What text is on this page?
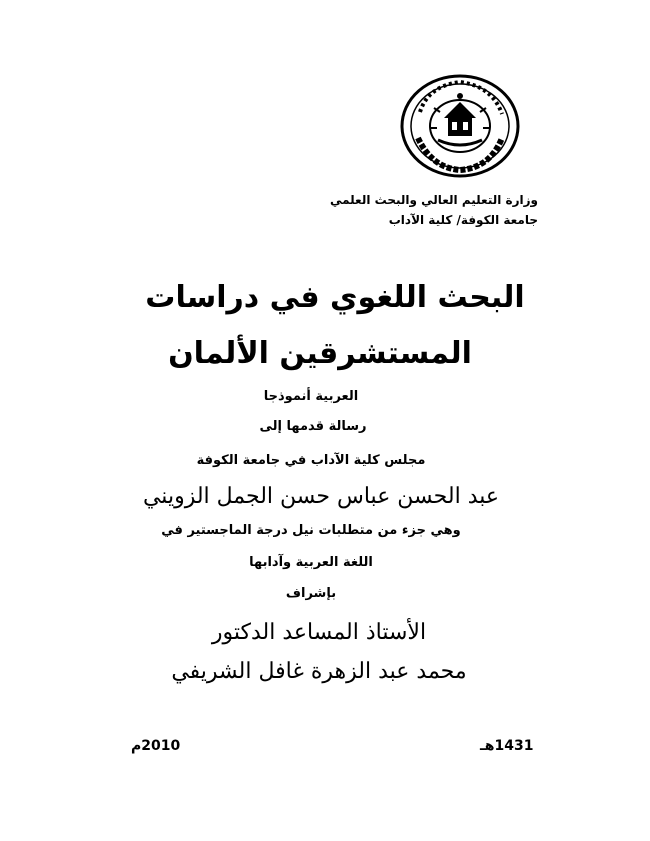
وزارة التعليم العالي والبحث العلمي
جامعة الكوفة/ كلية الآداب
البحث اللغوي في دراسات
المستشرقين الألمان
العربية أنموذجا
رسالة قدمها إلى
مجلس كلية الآداب في جامعة الكوفة
عبد الحسن عباس حسن الجمل الزويني
وهي جزء من متطلبات نيل درجة الماجستير في
اللغة العربية وآدابها
بإشراف
الأستاذ المساعد الدكتور
محمد عبد الزهرة غافل الشريفي
1431هـ
2010م
